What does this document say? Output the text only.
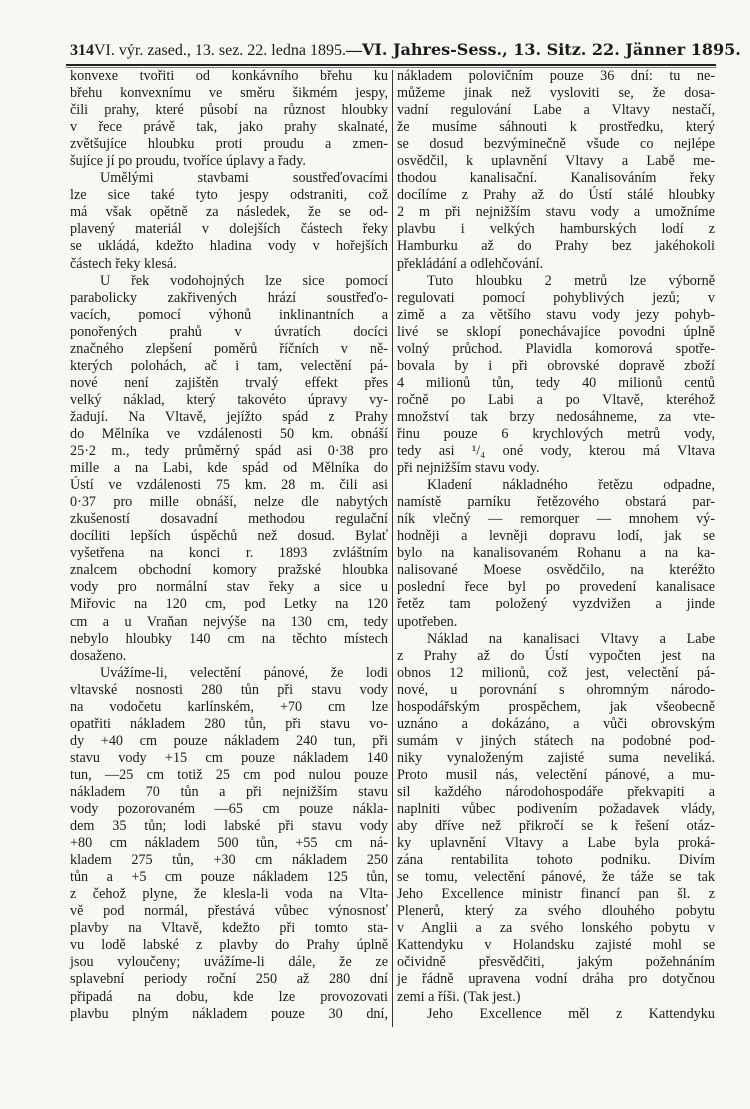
314 VI. výr. zased., 13. sez. 22. ledna 1895. — VI. Jahres-Sess., 13. Sitz. 22. Jänner 1895.
konvexe tvořiti od konkávního břehu ku
břehu konvexnímu ve směru šikmém jespy,
čili prahy, které působí na různost hloubky
v řece právě tak, jako prahy skalnaté,
zvětšujíce hloubku proti proudu a zmen-
šujíce jí po proudu, tvoříce úplavy a řady.
Umělými stavbami soustřeďovacími
lze sice také tyto jespy odstraniti, což
má však opětně za následek, že se od-
plavený materiál v dolejších částech řeky
se ukládá, kdežto hladina vody v hořejších
částech řeky klesá.
U řek vodohojných lze sice pomocí
parabolicky zakřivených hrází soustřeďo-
vacích, pomocí výhonů inklinantních a
ponořených prahů v úvratích docíci
značného zlepšení poměrů říčních v ně-
kterých polohách, ač i tam, velectění pá-
nové není zajištěn trvalý effekt přes
velký náklad, který takovéto úpravy vy-
žadují. Na Vltavě, jejížto spád z Prahy
do Mělníka ve vzdálenosti 50 km. obnáší
25·2 m., tedy průměrný spád asi 0·38 pro
mille a na Labi, kde spád od Mělníka do
Ústí ve vzdálenosti 75 km. 28 m. čili asi
0·37 pro mille obnáší, nelze dle nabytých
zkušeností dosavadní methodou regulační
docíliti lepších úspěchů než dosud. Bylať
vyšetřena na konci r. 1893 zvláštním
znalcem obchodní komory pražské hloubka
vody pro normální stav řeky a sice u
Miřovic na 120 cm, pod Letky na 120
cm a u Vraňan nejvýše na 130 cm, tedy
nebylo hloubky 140 cm na těchto místech
dosaženo.
Uvážíme-li, velectění pánové, že lodi
vltavské nosnosti 280 tůn při stavu vody
na vodočetu karlínském, +70 cm lze
opatřiti nákladem 280 tůn, při stavu vo-
dy +40 cm pouze nákladem 240 tun, při
stavu vody +15 cm pouze nákladem 140
tun, —25 cm totiž 25 cm pod nulou pouze
nákladem 70 tůn a při nejnižším stavu
vody pozorovaném —65 cm pouze nákla-
dem 35 tůn; lodi labské při stavu vody
+80 cm nákladem 500 tůn, +55 cm ná-
kladem 275 tůn, +30 cm nákladem 250
tůn a +5 cm pouze nákladem 125 tůn,
z čehož plyne, že klesla-li voda na Vlta-
vě pod normál, přestává vůbec výnosnosť
plavby na Vltavě, kdežto při tomto sta-
vu lodě labské z plavby do Prahy úplně
jsou vyloučeny; uvážíme-li dále, že ze
splavební periody roční 250 až 280 dní
připadá na dobu, kde lze provozovati
plavbu plným nákladem pouze 30 dní,
nákladem polovičním pouze 36 dní: tu ne-
můžeme jinak než vysloviti se, že dosa-
vadní regulování Labe a Vltavy nestačí,
že musíme sáhnouti k prostředku, který
se dosud bezvýminečně všude co nejlépe
osvědčil, k uplavnění Vltavy a Labě me-
thodou kanalisační. Kanalisováním řeky
docílíme z Prahy až do Ústí stálé hloubky
2 m při nejnižším stavu vody a umožníme
plavbu i velkých hamburských lodí z
Hamburku až do Prahy bez jakéhokoli
překládání a odlehčování.
Tuto hloubku 2 metrů lze výborně
regulovati pomocí pohyblivých jezů; v
zimě a za většího stavu vody jezy pohyb-
livé se sklopí ponechávajíce povodni úplně
volný průchod. Plavidla komorová spotře-
bovala by i při obrovské dopravě zboží
4 milionů tůn, tedy 40 milionů centů
ročně po Labi a po Vltavě, kteréhož
množství tak brzy nedosáhneme, za vte-
řinu pouze 6 krychlových metrů vody,
tedy asi ¹/₄ oné vody, kterou má Vltava
při nejnižším stavu vody.
Kladení nákladného řetězu odpadne,
namístě parníku řetězového obstará par-
ník vlečný — remorquer — mnohem vý-
hodněji a levněji dopravu lodí, jak se
bylo na kanalisovaném Rohanu a na ka-
nalisované Moese osvědčilo, na kteréžto
poslední řece byl po provedení kanalisace
řetěz tam položený vyzdvižen a jinde
upotřeben.
Náklad na kanalisaci Vltavy a Labe
z Prahy až do Ústí vypočten jest na
obnos 12 milionů, což jest, velectění pá-
nové, u porovnání s ohromným národo-
hospodářským prospěchem, jak všeobecně
uznáno a dokázáno, a vůči obrovským
sumám v jiných státech na podobné pod-
niky vynaloženým zajisté suma neveliká.
Proto musil nás, velectění pánové, a mu-
sil každého národohospodáře překvapiti a
naplniti vůbec podivením požadavek vlády,
aby dříve než přikročí se k řešení otáz-
ky uplavnění Vltavy a Labe byla proká-
zána rentabilita tohoto podniku. Divím
se tomu, velectění pánové, že táže se tak
Jeho Excellence ministr financí pan šl. z
Plenerů, který za svého dlouhého pobytu
v Anglii a za svého lonského pobytu v
Kattendyku v Holandsku zajisté mohl se
očividně přesvědčiti, jakým požehnáním
je řádně upravena vodní dráha pro dotyčnou
zemi a říši. (Tak jest.)
Jeho Excellence měl z Kattendyku
